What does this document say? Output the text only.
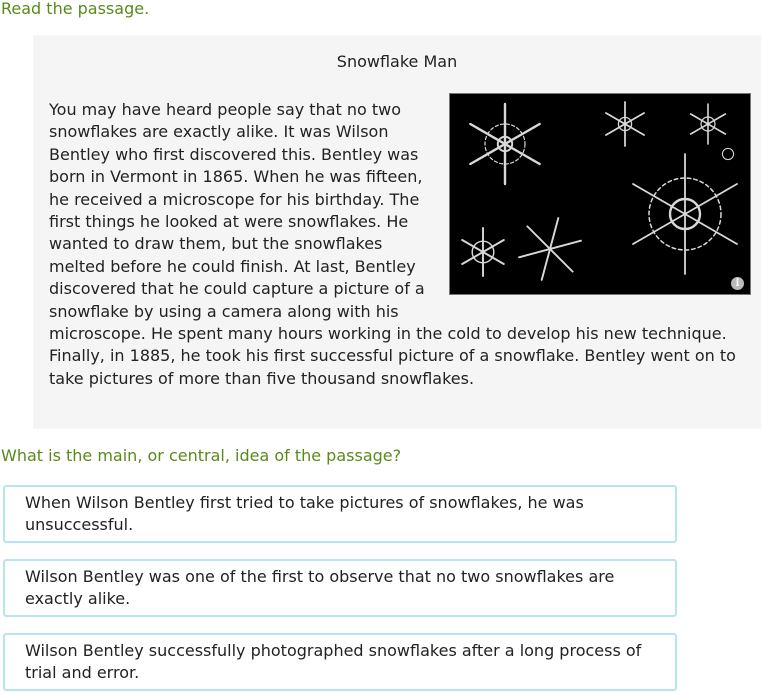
Read the passage.
Snowflake Man
i
You may have heard people say that no two snowflakes are exactly alike. It was Wilson Bentley who first discovered this. Bentley was born in Vermont in 1865. When he was fifteen, he received a microscope for his birthday. The first things he looked at were snowflakes. He wanted to draw them, but the snowflakes melted before he could finish. At last, Bentley discovered that he could capture a picture of a snowflake by using a camera along with his microscope. He spent many hours working in the cold to develop his new technique. Finally, in 1885, he took his first successful picture of a snowflake. Bentley went on to take pictures of more than five thousand snowflakes.
What is the main, or central, idea of the passage?
When Wilson Bentley first tried to take pictures of snowflakes, he was unsuccessful.
Wilson Bentley was one of the first to observe that no two snowflakes are exactly alike.
Wilson Bentley successfully photographed snowflakes after a long process of trial and error.
